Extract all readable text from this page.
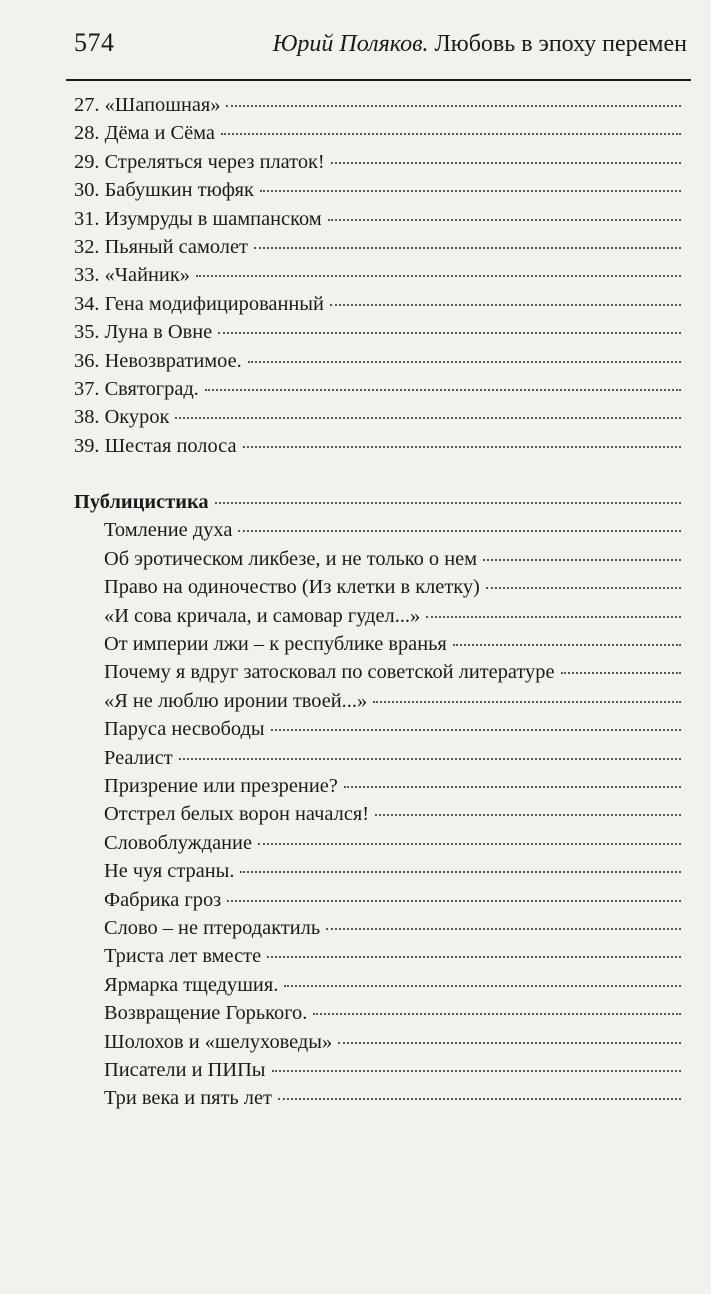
574	Юрий Поляков. Любовь в эпоху перемен
27. «Шапошная»
28. Дёма и Сёма
29. Стреляться через платок!
30. Бабушкин тюфяк
31. Изумруды в шампанском
32. Пьяный самолет
33. «Чайник»
34. Гена модифицированный
35. Луна в Овне
36. Невозвратимое.
37. Святоград.
38. Окурок
39. Шестая полоса
Публицистика
Томление духа
Об эротическом ликбезе, и не только о нем
Право на одиночество (Из клетки в клетку)
«И сова кричала, и самовар гудел...»
От империи лжи – к республике вранья
Почему я вдруг затосковал по советской литературе
«Я не люблю иронии твоей...»
Паруса несвободы
Реалист
Призрение или презрение?
Отстрел белых ворон начался!
Словоблуждание
Не чуя страны.
Фабрика гроз
Слово – не птеродактиль
Триста лет вместе
Ярмарка тщедушия.
Возвращение Горького.
Шолохов и «шелуховеды»
Писатели и ПИПы
Три века и пять лет
